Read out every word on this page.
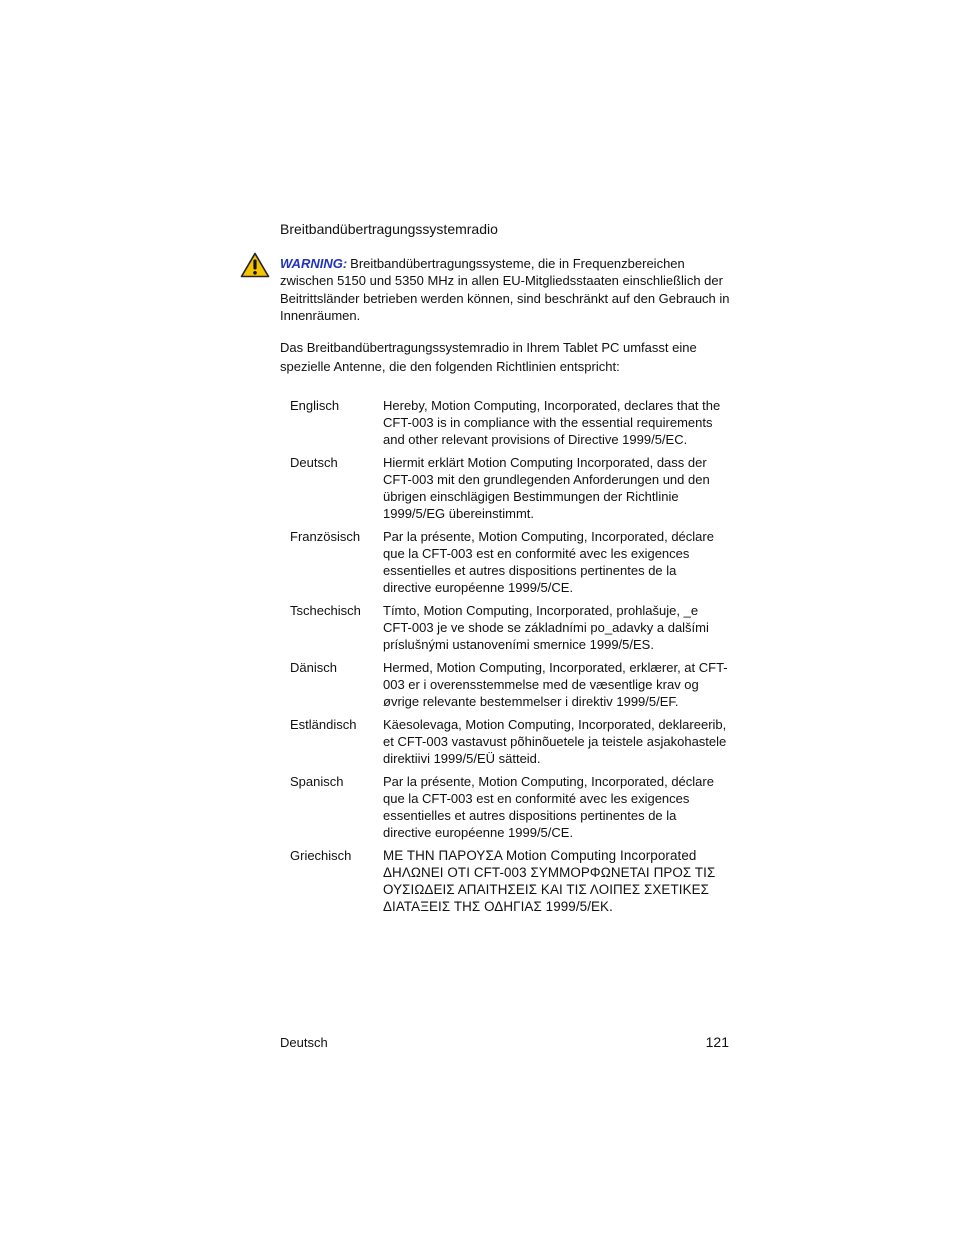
Breitbandübertragungssystemradio

WARNING: Breitbandübertragungssysteme, die in Frequenzbereichen zwischen 5150 und 5350 MHz in allen EU-Mitgliedsstaaten einschließlich der Beitrittsländer betrieben werden können, sind beschränkt auf den Gebrauch in Innenräumen.

Das Breitbandübertragungssystemradio in Ihrem Tablet PC umfasst eine spezielle Antenne, die den folgenden Richtlinien entspricht:

Englisch	Hereby, Motion Computing, Incorporated, declares that the CFT-003 is in compliance with the essential requirements and other relevant provisions of Directive 1999/5/EC.
Deutsch	Hiermit erklärt Motion Computing Incorporated, dass der CFT-003 mit den grundlegenden Anforderungen und den übrigen einschlägigen Bestimmungen der Richtlinie 1999/5/EG übereinstimmt.
Französisch	Par la présente, Motion Computing, Incorporated, déclare que la CFT-003 est en conformité avec les exigences essentielles et autres dispositions pertinentes de la directive européenne 1999/5/CE.
Tschechisch	Tímto, Motion Computing, Incorporated, prohlašuje, _e CFT-003 je ve shode se základními po_adavky a dalšími príslušnými ustanoveními smernice 1999/5/ES.
Dänisch	Hermed, Motion Computing, Incorporated, erklærer, at CFT-003 er i overensstemmelse med de væsentlige krav og øvrige relevante bestemmelser i direktiv 1999/5/EF.
Estländisch	Käesolevaga, Motion Computing, Incorporated, deklareerib, et CFT-003 vastavust põhinõuetele ja teistele asjakohastele direktiivi 1999/5/EÜ sätteid.
Spanisch	Par la présente, Motion Computing, Incorporated, déclare que la CFT-003 est en conformité avec les exigences essentielles et autres dispositions pertinentes de la directive européenne 1999/5/CE.
Griechisch	ΜΕ ΤΗΝ ΠΑΡΟΥΣΑ Motion Computing Incorporated ΔΗΛΩΝΕΙ ΟΤΙ CFT-003 ΣΥΜΜΟΡΦΩΝΕΤΑΙ ΠΡΟΣ ΤΙΣ ΟΥΣΙΩΔΕΙΣ ΑΠΑΙΤΗΣΕΙΣ ΚΑΙ ΤΙΣ ΛΟΙΠΕΣ ΣΧΕΤΙΚΕΣ ΔΙΑΤΑΞΕΙΣ ΤΗΣ ΟΔΗΓΙΑΣ 1999/5/ΕΚ.
Deutsch	121
